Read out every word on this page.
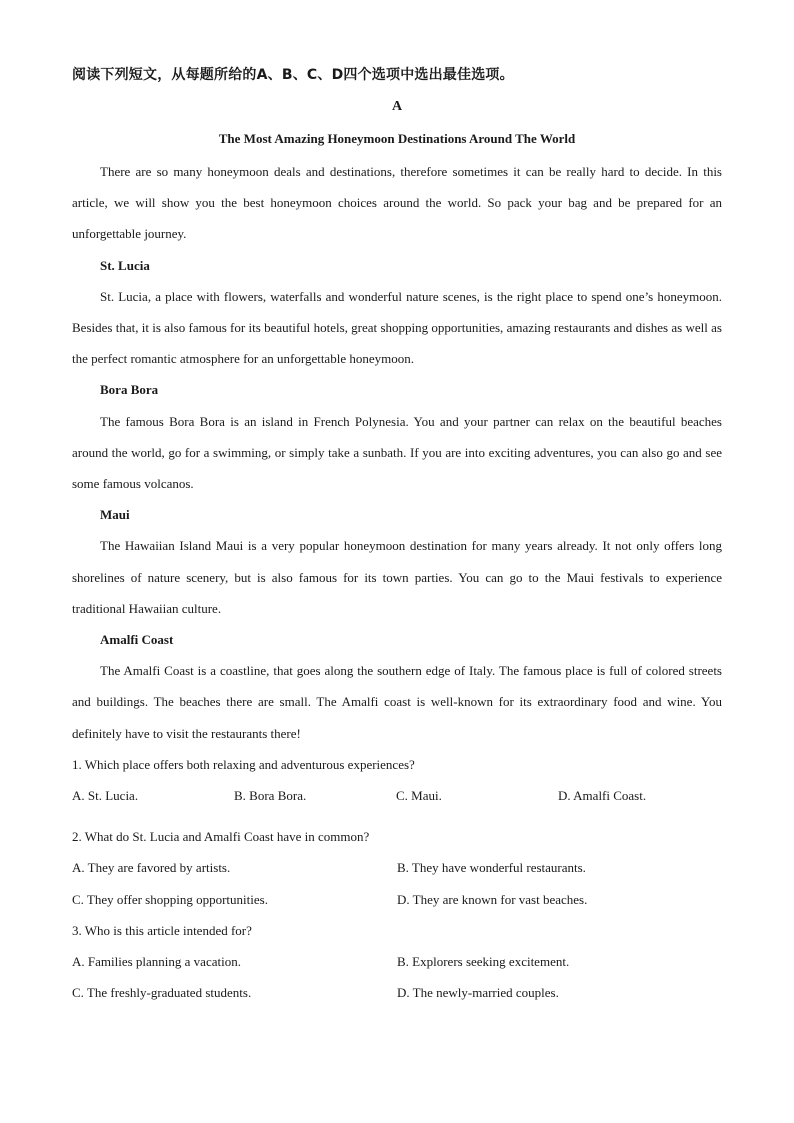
阅读下列短文，从每题所给的A、B、C、D四个选项中选出最佳选项。
A
The Most Amazing Honeymoon Destinations Around The World

There are so many honeymoon deals and destinations, therefore sometimes it can be really hard to decide. In this article, we will show you the best honeymoon choices around the world. So pack your bag and be prepared for an unforgettable journey.

St. Lucia

St. Lucia, a place with flowers, waterfalls and wonderful nature scenes, is the right place to spend one’s honeymoon. Besides that, it is also famous for its beautiful hotels, great shopping opportunities, amazing restaurants and dishes as well as the perfect romantic atmosphere for an unforgettable honeymoon.

Bora Bora

The famous Bora Bora is an island in French Polynesia. You and your partner can relax on the beautiful beaches around the world, go for a swimming, or simply take a sunbath. If you are into exciting adventures, you can also go and see some famous volcanos.

Maui

The Hawaiian Island Maui is a very popular honeymoon destination for many years already. It not only offers long shorelines of nature scenery, but is also famous for its town parties. You can go to the Maui festivals to experience traditional Hawaiian culture.

Amalfi Coast

The Amalfi Coast is a coastline, that goes along the southern edge of Italy. The famous place is full of colored streets and buildings. The beaches there are small. The Amalfi coast is well-known for its extraordinary food and wine. You definitely have to visit the restaurants there!

1. Which place offers both relaxing and adventurous experiences?
A. St. Lucia.	B. Bora Bora.	C. Maui.	D. Amalfi Coast.
2. What do St. Lucia and Amalfi Coast have in common?
A. They are favored by artists.	B. They have wonderful restaurants.
C. They offer shopping opportunities.	D. They are known for vast beaches.
3. Who is this article intended for?
A. Families planning a vacation.	B. Explorers seeking excitement.
C. The freshly-graduated students.	D. The newly-married couples.
